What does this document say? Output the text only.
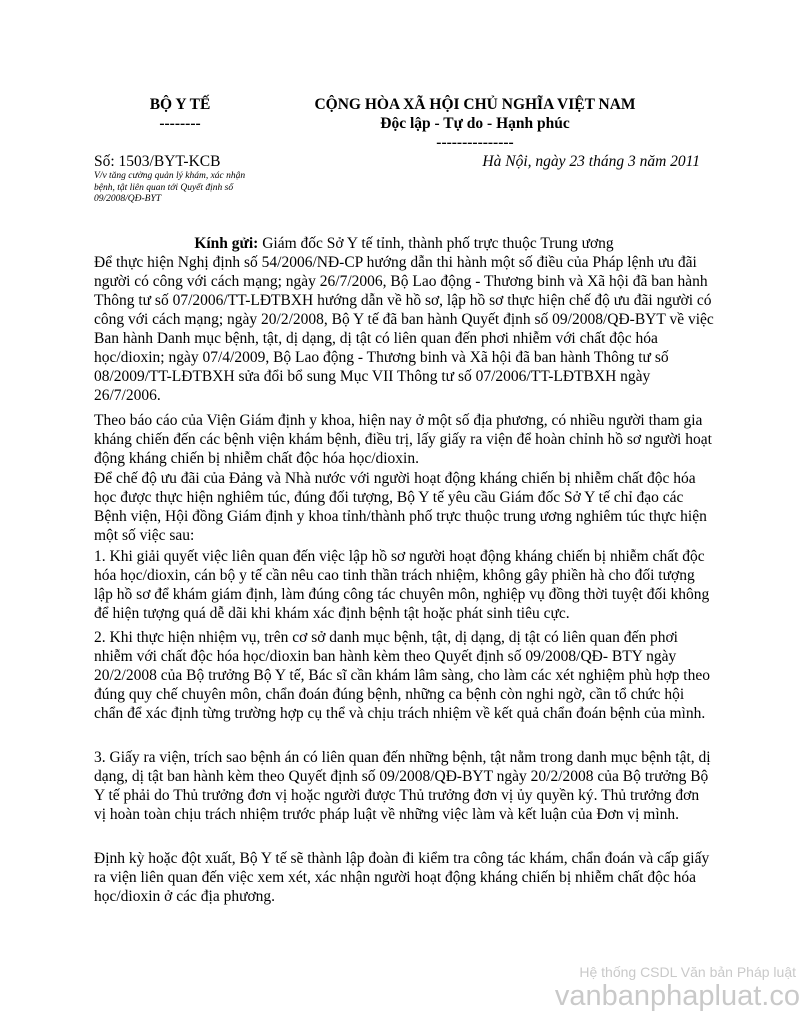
BỘ Y TẾ
--------
CỘNG HÒA XÃ HỘI CHỦ NGHĨA VIỆT NAM
Độc lập - Tự do - Hạnh phúc
---------------
Số: 1503/BYT-KCB
V/v tăng cường quản lý khám, xác nhận bệnh, tật liên quan tới Quyết định số 09/2008/QĐ-BYT
Hà Nội, ngày 23 tháng 3 năm 2011
Kính gửi: Giám đốc Sở Y tế tỉnh, thành phố trực thuộc Trung ương
Để thực hiện Nghị định số 54/2006/NĐ-CP hướng dẫn thi hành một số điều của Pháp lệnh ưu đãi người có công với cách mạng; ngày 26/7/2006, Bộ Lao động - Thương binh và Xã hội đã ban hành Thông tư số 07/2006/TT-LĐTBXH hướng dẫn về hồ sơ, lập hồ sơ thực hiện chế độ ưu đãi người có công với cách mạng; ngày 20/2/2008, Bộ Y tế đã ban hành Quyết định số 09/2008/QĐ-BYT về việc Ban hành Danh mục bệnh, tật, dị dạng, dị tật có liên quan đến phơi nhiễm với chất độc hóa học/dioxin; ngày 07/4/2009, Bộ Lao động - Thương binh và Xã hội đã ban hành Thông tư số 08/2009/TT-LĐTBXH sửa đổi bổ sung Mục VII Thông tư số 07/2006/TT-LĐTBXH ngày 26/7/2006.
Theo báo cáo của Viện Giám định y khoa, hiện nay ở một số địa phương, có nhiều người tham gia kháng chiến đến các bệnh viện khám bệnh, điều trị, lấy giấy ra viện để hoàn chỉnh hồ sơ người hoạt động kháng chiến bị nhiễm chất độc hóa học/dioxin.
Để chế độ ưu đãi của Đảng và Nhà nước với người hoạt động kháng chiến bị nhiễm chất độc hóa học được thực hiện nghiêm túc, đúng đối tượng, Bộ Y tế yêu cầu Giám đốc Sở Y tế chỉ đạo các Bệnh viện, Hội đồng Giám định y khoa tỉnh/thành phố trực thuộc trung ương nghiêm túc thực hiện một số việc sau:
1. Khi giải quyết việc liên quan đến việc lập hồ sơ người hoạt động kháng chiến bị nhiễm chất độc hóa học/dioxin, cán bộ y tế cần nêu cao tinh thần trách nhiệm, không gây phiền hà cho đối tượng lập hồ sơ để khám giám định, làm đúng công tác chuyên môn, nghiệp vụ đồng thời tuyệt đối không để hiện tượng quá dễ dãi khi khám xác định bệnh tật hoặc phát sinh tiêu cực.
2. Khi thực hiện nhiệm vụ, trên cơ sở danh mục bệnh, tật, dị dạng, dị tật có liên quan đến phơi nhiễm với chất độc hóa học/dioxin ban hành kèm theo Quyết định số 09/2008/QĐ- BTY ngày 20/2/2008 của Bộ trưởng Bộ Y tế, Bác sĩ cần khám lâm sàng, cho làm các xét nghiệm phù hợp theo đúng quy chế chuyên môn, chẩn đoán đúng bệnh, những ca bệnh còn nghi ngờ, cần tổ chức hội chẩn để xác định từng trường hợp cụ thể và chịu trách nhiệm về kết quả chẩn đoán bệnh của mình.
3. Giấy ra viện, trích sao bệnh án có liên quan đến những bệnh, tật nằm trong danh mục bệnh tật, dị dạng, dị tật ban hành kèm theo Quyết định số 09/2008/QĐ-BYT ngày 20/2/2008 của Bộ trưởng Bộ Y tế phải do Thủ trưởng đơn vị hoặc người được Thủ trưởng đơn vị ủy quyền ký. Thủ trưởng đơn vị hoàn toàn chịu trách nhiệm trước pháp luật về những việc làm và kết luận của Đơn vị mình.
Định kỳ hoặc đột xuất, Bộ Y tế sẽ thành lập đoàn đi kiểm tra công tác khám, chẩn đoán và cấp giấy ra viện liên quan đến việc xem xét, xác nhận người hoạt động kháng chiến bị nhiễm chất độc hóa học/dioxin ở các địa phương.
Hệ thống CSDL Văn bản Pháp luật
vanbanphapluat.co
